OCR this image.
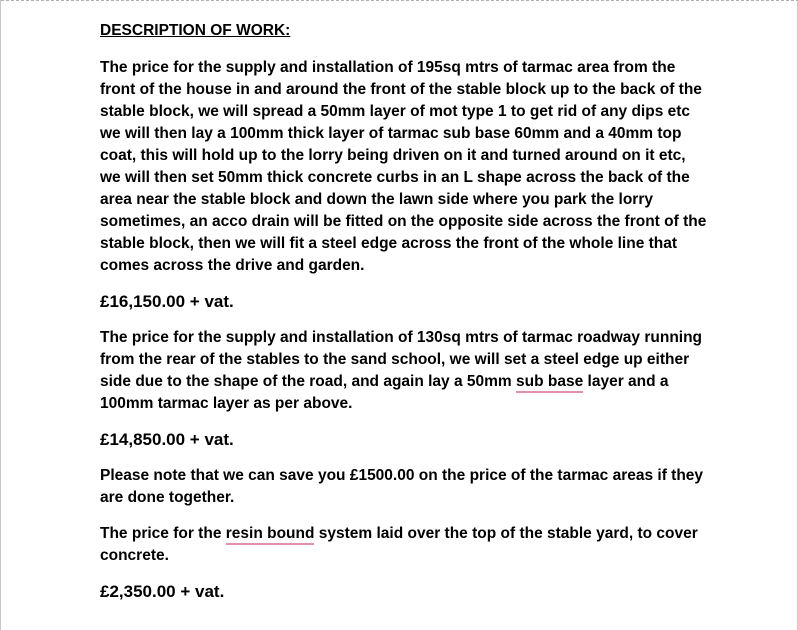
DESCRIPTION OF WORK:

The price for the supply and installation of 195sq mtrs of tarmac area from the front of the house in and around the front of the stable block up to the back of the stable block, we will spread a 50mm layer of mot type 1 to get rid of any dips etc we will then lay a 100mm thick layer of tarmac sub base 60mm and a 40mm top coat, this will hold up to the lorry being driven on it and turned around on it etc, we will then set 50mm thick concrete curbs in an L shape across the back of the area near the stable block and down the lawn side where you park the lorry sometimes, an acco drain will be fitted on the opposite side across the front of the stable block, then we will fit a steel edge across the front of the whole line that comes across the drive and garden.

£16,150.00 + vat.

The price for the supply and installation of 130sq mtrs of tarmac roadway running from the rear of the stables to the sand school, we will set a steel edge up either side due to the shape of the road, and again lay a 50mm sub base layer and a 100mm tarmac layer as per above.

£14,850.00 + vat.

Please note that we can save you £1500.00 on the price of the tarmac areas if they are done together.

The price for the resin bound system laid over the top of the stable yard, to cover concrete.

£2,350.00 + vat.
